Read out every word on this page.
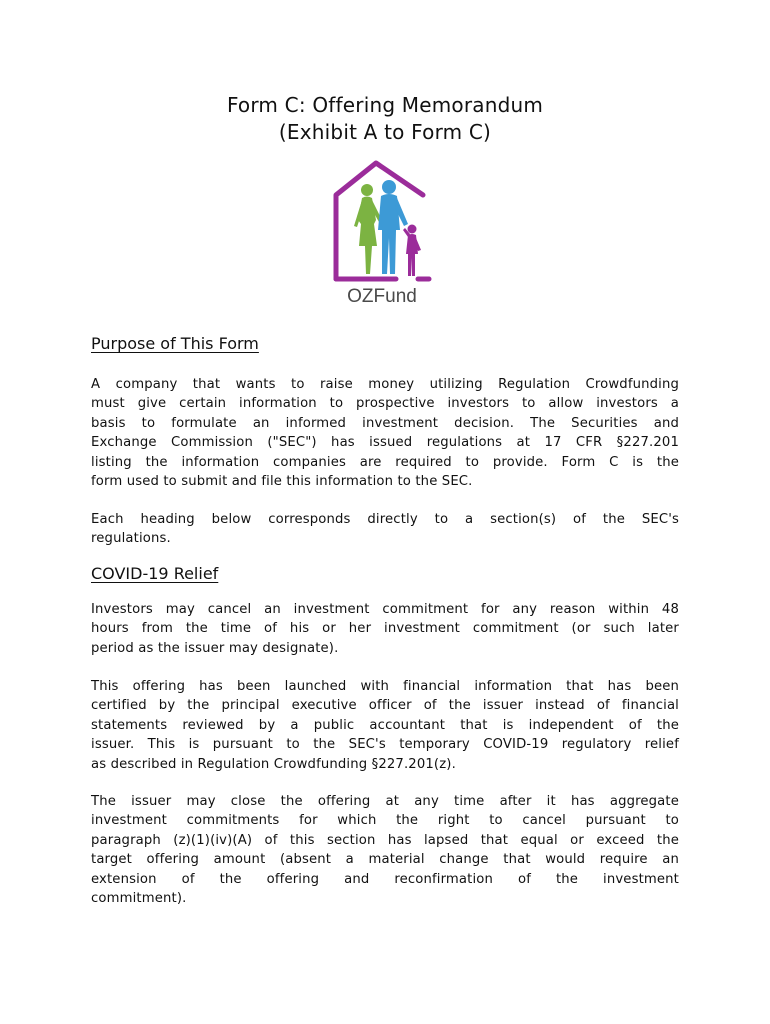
Form C: Offering Memorandum
(Exhibit A to Form C)
OZFund
Purpose of This Form
A company that wants to raise money utilizing Regulation Crowdfunding
must give certain information to prospective investors to allow investors a
basis to formulate an informed investment decision. The Securities and
Exchange Commission ("SEC") has issued regulations at 17 CFR §227.201
listing the information companies are required to provide. Form C is the
form used to submit and file this information to the SEC.
Each heading below corresponds directly to a section(s) of the SEC's
regulations.
COVID-19 Relief
Investors may cancel an investment commitment for any reason within 48
hours from the time of his or her investment commitment (or such later
period as the issuer may designate).
This offering has been launched with financial information that has been
certified by the principal executive officer of the issuer instead of financial
statements reviewed by a public accountant that is independent of the
issuer. This is pursuant to the SEC's temporary COVID-19 regulatory relief
as described in Regulation Crowdfunding §227.201(z).
The issuer may close the offering at any time after it has aggregate
investment commitments for which the right to cancel pursuant to
paragraph (z)(1)(iv)(A) of this section has lapsed that equal or exceed the
target offering amount (absent a material change that would require an
extension of the offering and reconfirmation of the investment
commitment).
